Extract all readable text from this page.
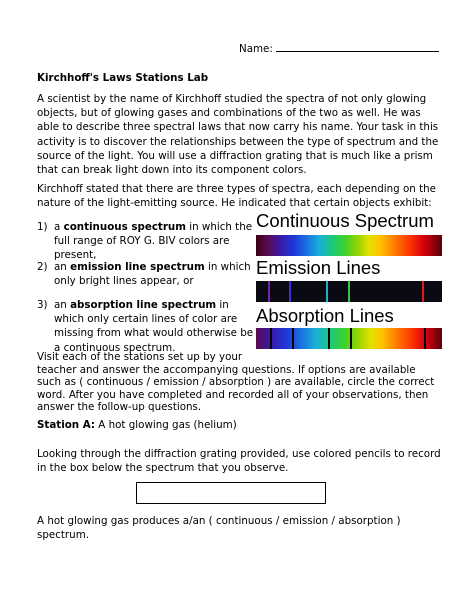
Name:
Kirchhoff's Laws Stations Lab
A scientist by the name of Kirchhoff studied the spectra of not only glowing objects, but of glowing gases and combinations of the two as well. He was able to describe three spectral laws that now carry his name. Your task in this activity is to discover the relationships between the type of spectrum and the source of the light. You will use a diffraction grating that is much like a prism that can break light down into its component colors.
Kirchhoff stated that there are three types of spectra, each depending on the nature of the light-emitting source. He indicated that certain objects exhibit:
1) a continuous spectrum in which the full range of ROY G. BIV colors are present,
2) an emission line spectrum in which only bright lines appear, or
3) an absorption line spectrum in which only certain lines of color are missing from what would otherwise be a continuous spectrum.
Continuous Spectrum
Emission Lines
Absorption Lines
Visit each of the stations set up by your
teacher and answer the accompanying questions. If options are available such as ( continuous / emission / absorption ) are available, circle the correct word. After you have completed and recorded all of your observations, then answer the follow-up questions.
Station A: A hot glowing gas (helium)
Looking through the diffraction grating provided, use colored pencils to record in the box below the spectrum that you observe.
A hot glowing gas produces a/an ( continuous / emission / absorption ) spectrum.
